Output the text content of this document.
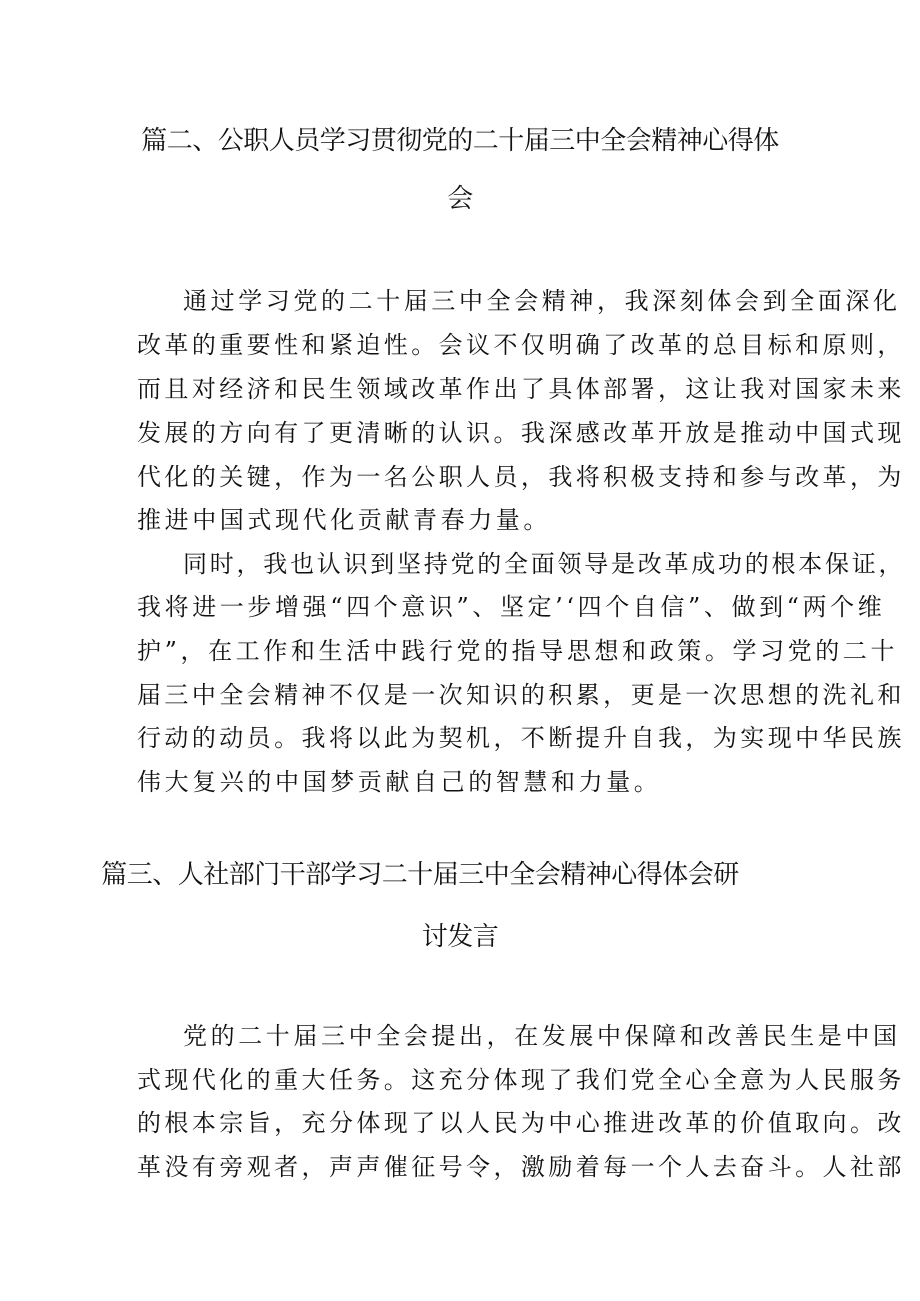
篇二、公职人员学习贯彻党的二十届三中全会精神心得体
会
通过学习党的二十届三中全会精神，我深刻体会到全面深化
改革的重要性和紧迫性。会议不仅明确了改革的总目标和原则，
而且对经济和民生领域改革作出了具体部署，这让我对国家未来
发展的方向有了更清晰的认识。我深感改革开放是推动中国式现
代化的关键，作为一名公职人员，我将积极支持和参与改革，为
推进中国式现代化贡献青春力量。
同时，我也认识到坚持党的全面领导是改革成功的根本保证，
我将进一步增强“四个意识”、坚定’‘四个自信”、做到“两个维
护”，在工作和生活中践行党的指导思想和政策。学习党的二十
届三中全会精神不仅是一次知识的积累，更是一次思想的洗礼和
行动的动员。我将以此为契机，不断提升自我，为实现中华民族
伟大复兴的中国梦贡献自己的智慧和力量。
篇三、人社部门干部学习二十届三中全会精神心得体会研
讨发言
党的二十届三中全会提出，在发展中保障和改善民生是中国
式现代化的重大任务。这充分体现了我们党全心全意为人民服务
的根本宗旨，充分体现了以人民为中心推进改革的价值取向。改
革没有旁观者，声声催征号令，激励着每一个人去奋斗。人社部
